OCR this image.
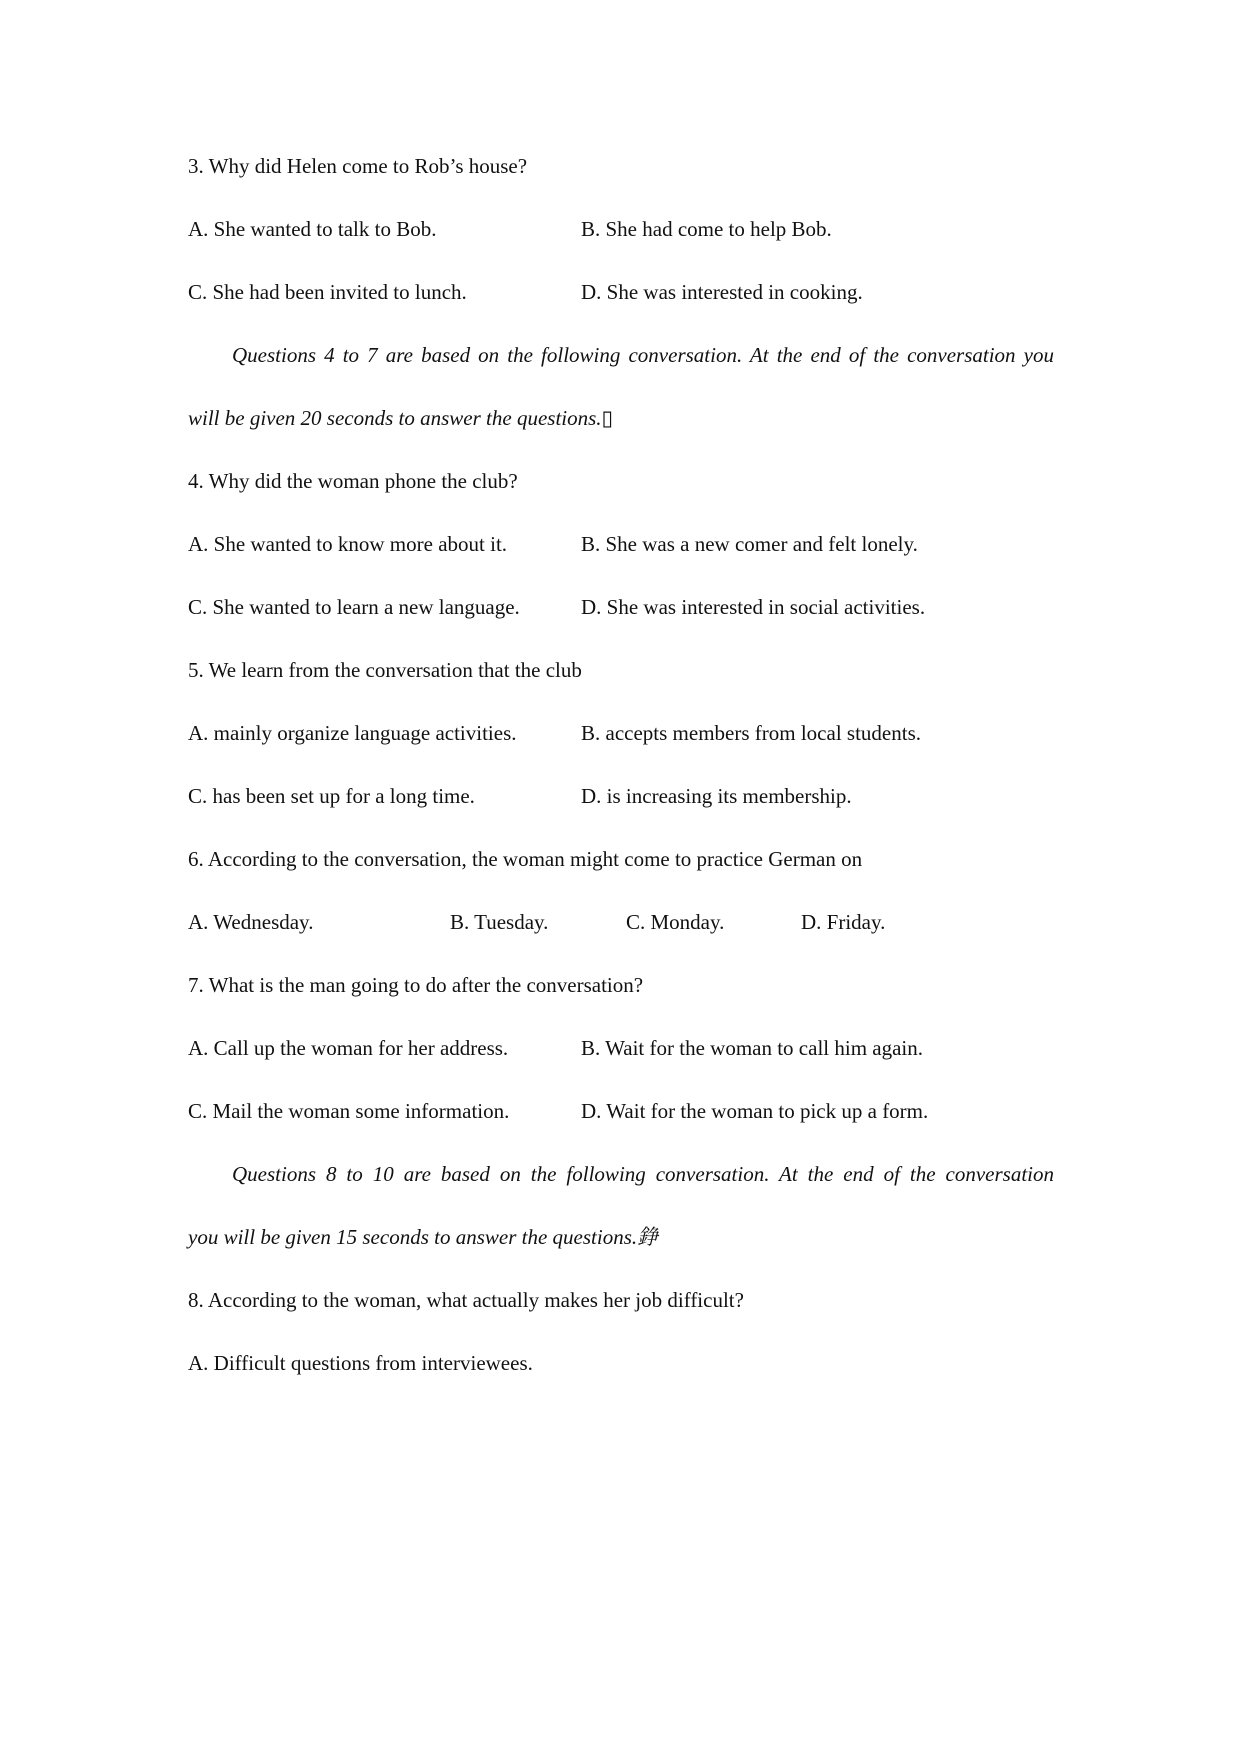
3. Why did Helen come to Rob’s house?
A. She wanted to talk to Bob.	B. She had come to help Bob.
C. She had been invited to lunch.	D. She was interested in cooking.
Questions 4 to 7 are based on the following conversation. At the end of the conversation you
will be given 20 seconds to answer the questions.▯
4. Why did the woman phone the club?
A. She wanted to know more about it.	B. She was a new comer and felt lonely.
C. She wanted to learn a new language.	D. She was interested in social activities.
5. We learn from the conversation that the club
A. mainly organize language activities.	B. accepts members from local students.
C. has been set up for a long time.	D. is increasing its membership.
6. According to the conversation, the woman might come to practice German on
A. Wednesday.	B. Tuesday.	C. Monday.	D. Friday.
7. What is the man going to do after the conversation?
A. Call up the woman for her address.	B. Wait for the woman to call him again.
C. Mail the woman some information.	D. Wait for the woman to pick up a form.
Questions 8 to 10 are based on the following conversation. At the end of the conversation
you will be given 15 seconds to answer the questions.錚
8. According to the woman, what actually makes her job difficult?
A. Difficult questions from interviewees.
